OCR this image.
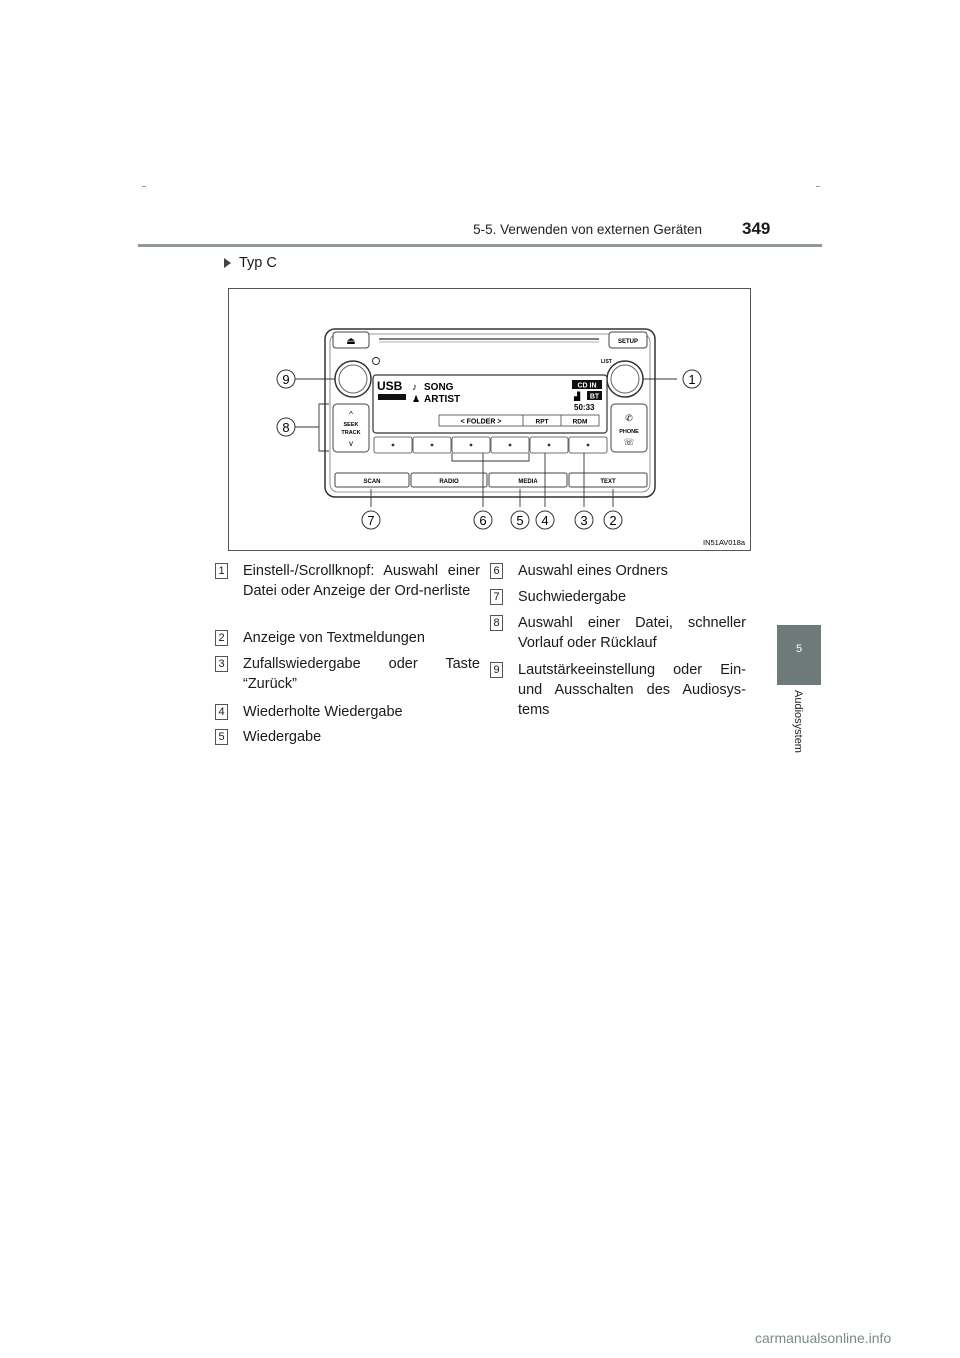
5-5. Verwenden von externen Geräten 349
5
Audiosystem
Typ C
⏏	SETUP
LIST
USB ♪ SONG
♟ ARTIST
CD IN
▟ BT
50:33
< FOLDER >	RPT	RDM
^
SEEK
TRACK
v
✆
PHONE
☏
SCAN	RADIO	MEDIA	TEXT
9	1
8
7	6 5 4 3 2
IN51AV018a
1 Einstell-/Scrollknopf: Auswahl einer Datei oder Anzeige der Ord-nerliste
2 Anzeige von Textmeldungen
3 Zufallswiedergabe oder Taste “Zurück”
4 Wiederholte Wiedergabe
5 Wiedergabe
6 Auswahl eines Ordners
7 Suchwiedergabe
8 Auswahl einer Datei, schneller Vorlauf oder Rücklauf
9 Lautstärkeeinstellung oder Ein- und Ausschalten des Audiosys-tems
carmanualsonline.info
